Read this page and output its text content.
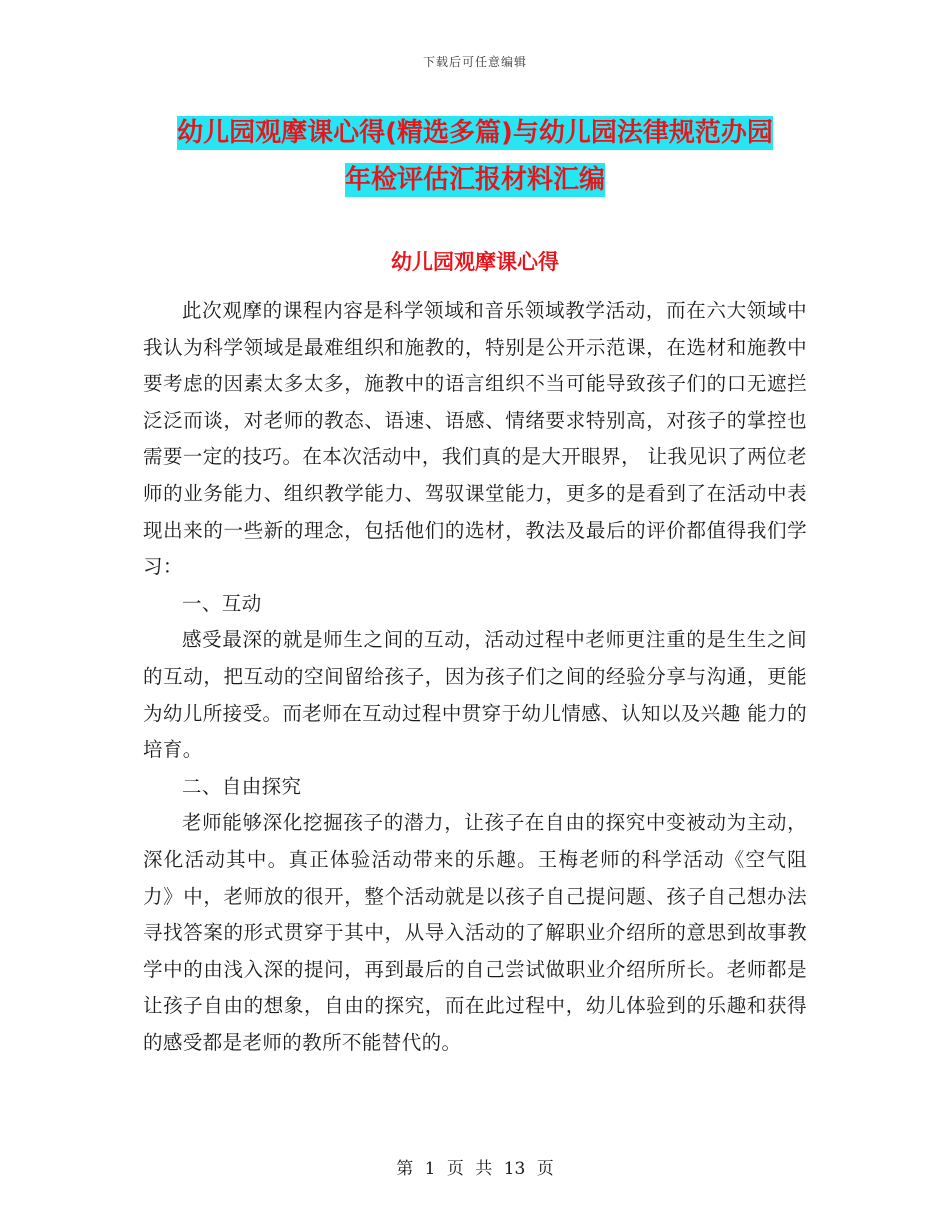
下载后可任意编辑
幼儿园观摩课心得(精选多篇)与幼儿园法律规范办园
年检评估汇报材料汇编
幼儿园观摩课心得

此次观摩的课程内容是科学领域和音乐领域教学活动，而在六大领域中我认为科学领域是最难组织和施教的，特别是公开示范课，在选材和施教中要考虑的因素太多太多，施教中的语言组织不当可能导致孩子们的口无遮拦泛泛而谈，对老师的教态、语速、语感、情绪要求特别高，对孩子的掌控也需要一定的技巧。在本次活动中，我们真的是大开眼界， 让我见识了两位老师的业务能力、组织教学能力、驾驭课堂能力，更多的是看到了在活动中表现出来的一些新的理念，包括他们的选材，教法及最后的评价都值得我们学习：

一、互动

感受最深的就是师生之间的互动，活动过程中老师更注重的是生生之间的互动，把互动的空间留给孩子，因为孩子们之间的经验分享与沟通，更能为幼儿所接受。而老师在互动过程中贯穿于幼儿情感、认知以及兴趣 能力的培育。

二、自由探究

老师能够深化挖掘孩子的潜力，让孩子在自由的探究中变被动为主动，深化活动其中。真正体验活动带来的乐趣。王梅老师的科学活动《空气阻力》中，老师放的很开，整个活动就是以孩子自己提问题、孩子自己想办法寻找答案的形式贯穿于其中，从导入活动的了解职业介绍所的意思到故事教学中的由浅入深的提问，再到最后的自己尝试做职业介绍所所长。老师都是让孩子自由的想象，自由的探究，而在此过程中，幼儿体验到的乐趣和获得的感受都是老师的教所不能替代的。

第 1 页 共 13 页
